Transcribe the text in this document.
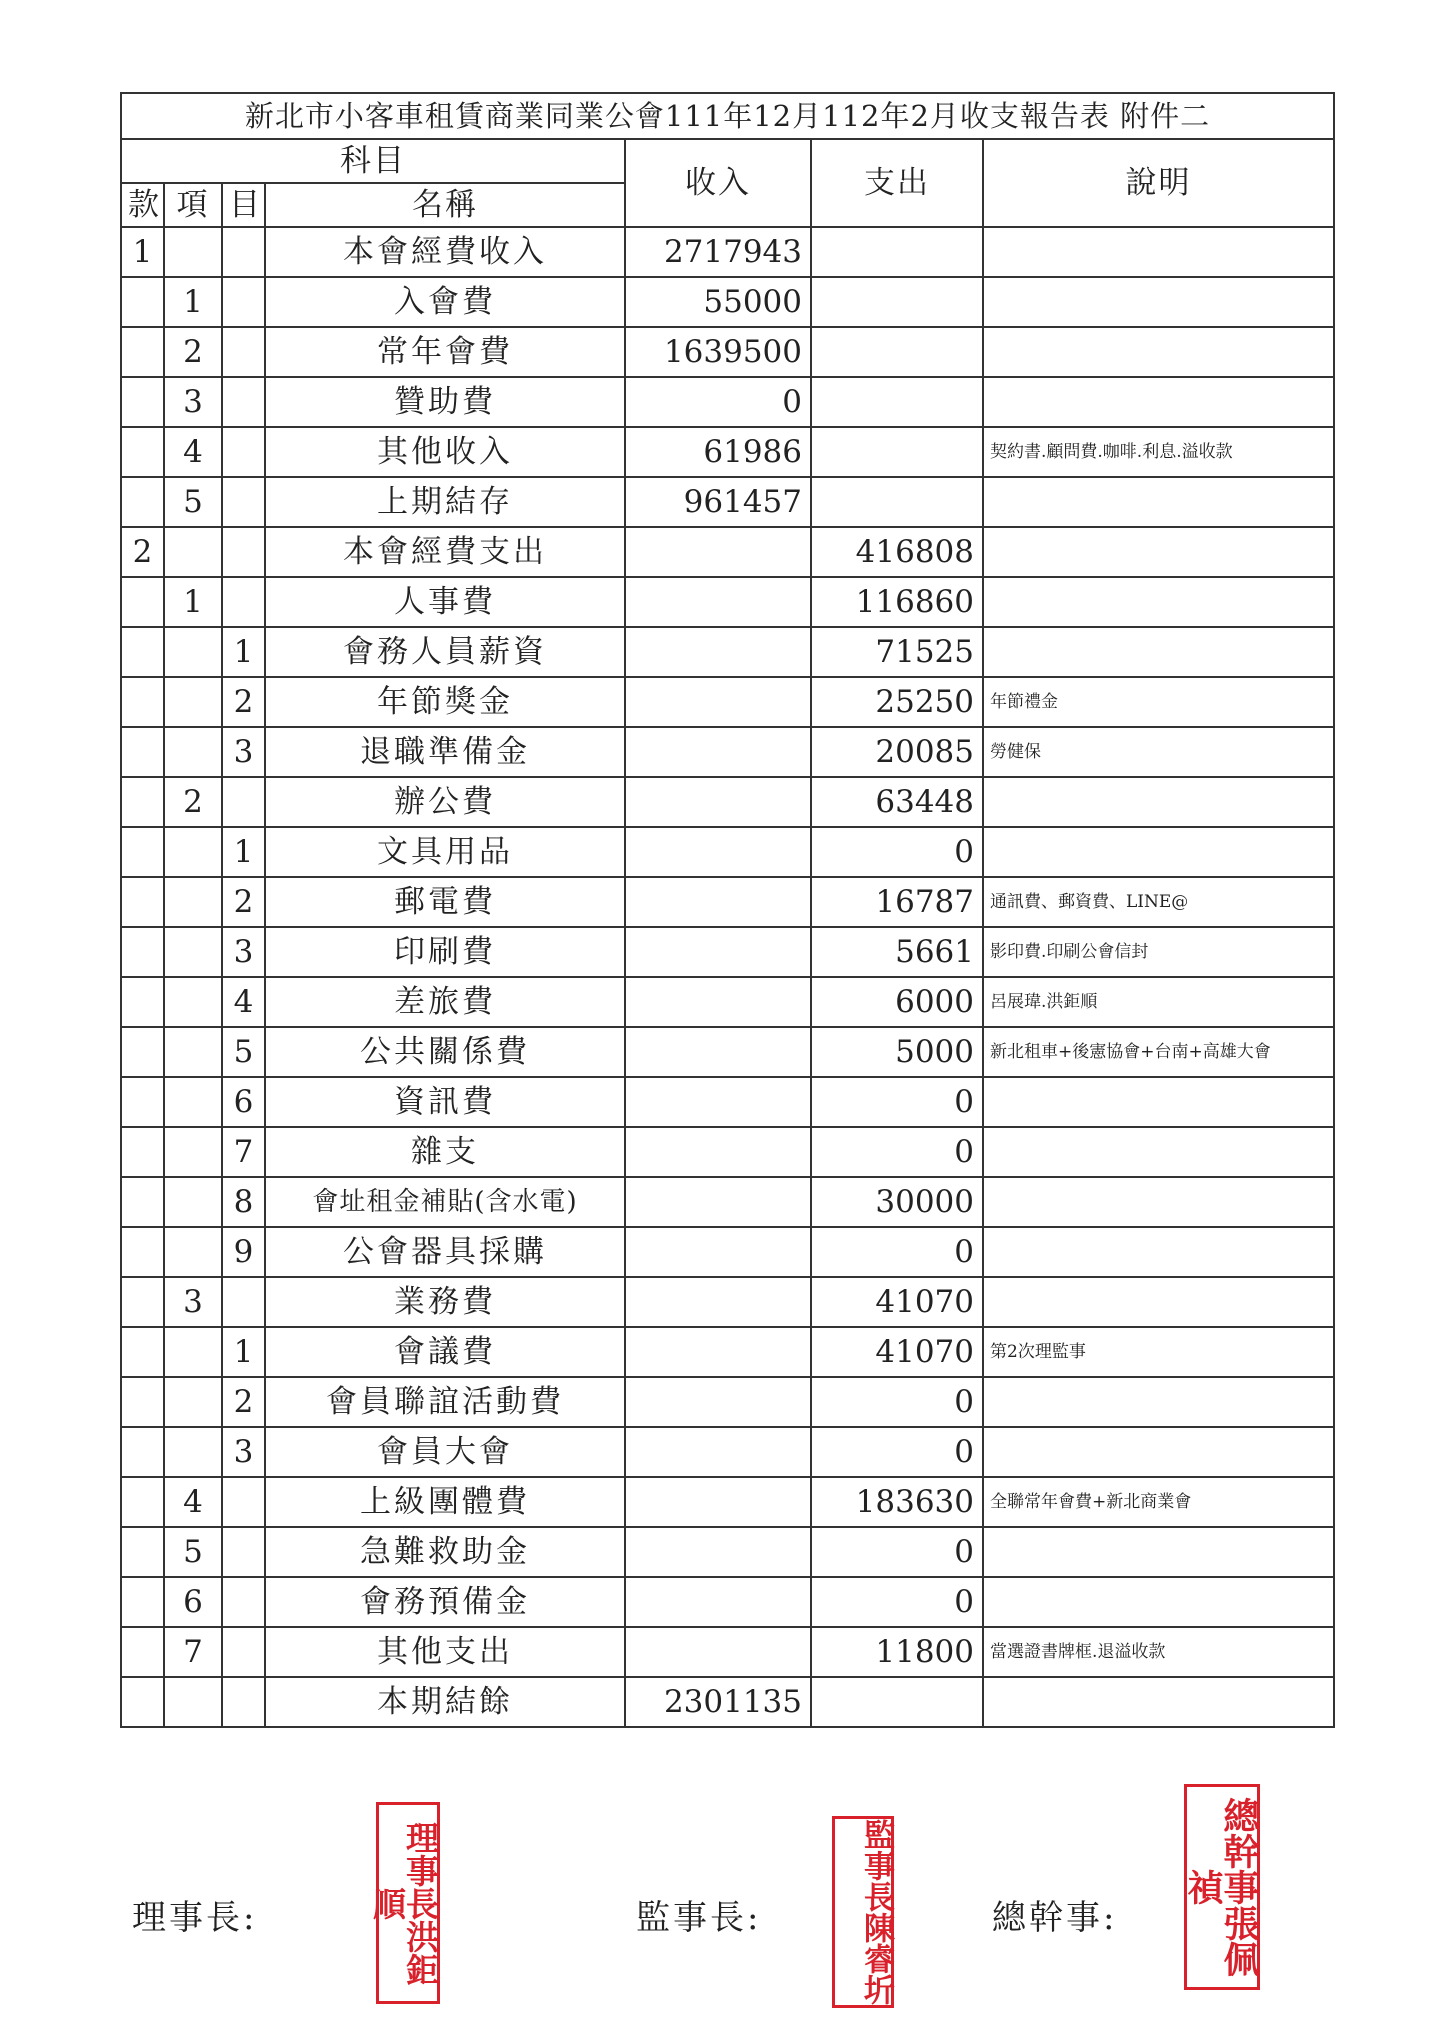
新北市小客車租賃商業同業公會111年12月112年2月收支報告表 附件二						
科目				收入	支出	說明
款	項	目	名稱			
1			本會經費收入	2717943		
	1		入會費	55000		
	2		常年會費	1639500		
	3		贊助費	0		
	4		其他收入	61986		契約書.顧問費.咖啡.利息.溢收款
	5		上期結存	961457		
2			本會經費支出		416808	
	1		人事費		116860	
		1	會務人員薪資		71525	
		2	年節獎金		25250	年節禮金
		3	退職準備金		20085	勞健保
	2		辦公費		63448	
		1	文具用品		0	
		2	郵電費		16787	通訊費、郵資費、LINE@
		3	印刷費		5661	影印費.印刷公會信封
		4	差旅費		6000	呂展瑋.洪鉅順
		5	公共關係費		5000	新北租車+後憲協會+台南+高雄大會
		6	資訊費		0	
		7	雜支		0	
		8	會址租金補貼(含水電)		30000	
		9	公會器具採購		0	
	3		業務費		41070	
		1	會議費		41070	第2次理監事
		2	會員聯誼活動費		0	
		3	會員大會		0	
	4		上級團體費		183630	全聯常年會費+新北商業會
	5		急難救助金		0	
	6		會務預備金		0	
	7		其他支出		11800	當選證書牌框.退溢收款
			本期結餘	2301135		
理事長:	理事長洪鉅順	監事長:	監事長陳睿圻	總幹事:	總幹事張佩禎
